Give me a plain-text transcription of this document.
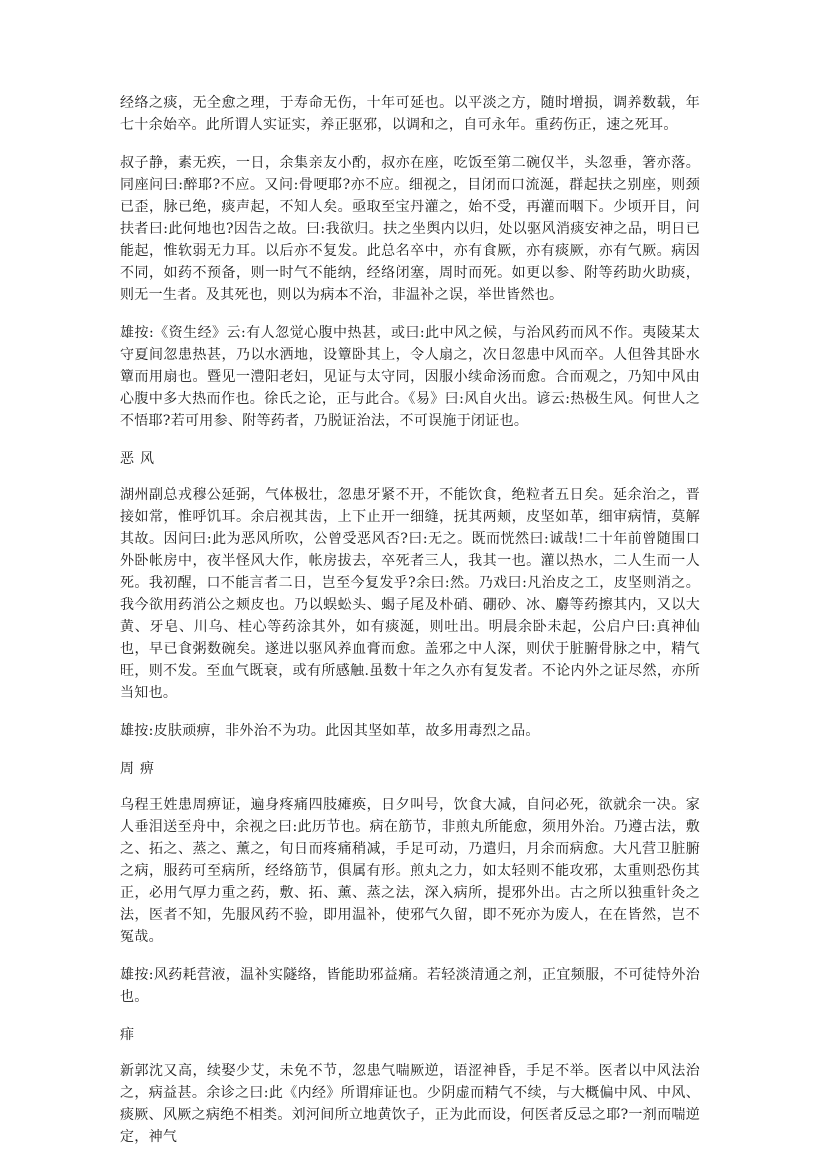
经络之痰，无全愈之理，于寿命无伤，十年可延也。以平淡之方，随时增损，调养数载，年七十余始卒。此所谓人实证实，养正驱邪，以调和之，自可永年。重药伤正，速之死耳。

叔子静，素无疾，一日，余集亲友小酌，叔亦在座，吃饭至第二碗仅半，头忽垂，箸亦落。同座问曰:醉耶?不应。又问:骨哽耶?亦不应。细视之，目闭而口流涎，群起扶之别座，则颈已歪，脉已绝，痰声起，不知人矣。亟取至宝丹灌之，始不受，再灌而咽下。少顷开目，问扶者曰:此何地也?因告之故。曰:我欲归。扶之坐舆内以归，处以驱风消痰安神之品，明日已能起，惟软弱无力耳。以后亦不复发。此总名卒中，亦有食厥，亦有痰厥，亦有气厥。病因不同，如药不预备，则一时气不能纳，经络闭塞，周时而死。如更以参、附等药助火助痰，则无一生者。及其死也，则以为病本不治，非温补之误，举世皆然也。

雄按:《资生经》云:有人忽觉心腹中热甚，或曰:此中风之候，与治风药而风不作。夷陵某太守夏间忽患热甚，乃以水洒地，设簟卧其上，令人扇之，次日忽患中风而卒。人但咎其卧水簟而用扇也。暨见一澧阳老妇，见证与太守同，因服小续命汤而愈。合而观之，乃知中风由心腹中多大热而作也。徐氏之论，正与此合。《易》曰:风自火出。谚云:热极生风。何世人之不悟耶?若可用参、附等药者，乃脱证治法，不可误施于闭证也。

恶风

湖州副总戎穆公延弼，气体极壮，忽患牙紧不开，不能饮食，绝粒者五日矣。延余治之，晋接如常，惟呼饥耳。余启视其齿，上下止开一细缝，抚其两颊，皮坚如革，细审病情，莫解其故。因问曰:此为恶风所吹，公曾受恶风否?曰:无之。既而恍然曰:诚哉!二十年前曾随围口外卧帐房中，夜半怪风大作，帐房拔去，卒死者三人，我其一也。灌以热水，二人生而一人死。我初醒，口不能言者二日，岂至今复发乎?余曰:然。乃戏曰:凡治皮之工，皮坚则消之。我今欲用药消公之颊皮也。乃以蜈蚣头、蝎子尾及朴硝、硼砂、冰、麝等药擦其内，又以大黄、牙皂、川乌、桂心等药涂其外，如有痰涎，则吐出。明晨余卧未起，公启户曰:真神仙也，早已食粥数碗矣。遂进以驱风养血膏而愈。盖邪之中人深，则伏于脏腑骨脉之中，精气旺，则不发。至血气既衰，或有所感触.虽数十年之久亦有复发者。不论内外之证尽然，亦所当知也。

雄按:皮肤顽痹，非外治不为功。此因其坚如革，故多用毒烈之品。

周痹

乌程王姓患周痹证，遍身疼痛四肢瘫痪，日夕叫号，饮食大减，自问必死，欲就余一决。家人垂泪送至舟中，余视之曰:此历节也。病在筋节，非煎丸所能愈，须用外治。乃遵古法，敷之、拓之、蒸之、薰之，旬日而疼痛稍减，手足可动，乃遣归，月余而病愈。大凡营卫脏腑之病，服药可至病所，经络筋节，俱属有形。煎丸之力，如太轻则不能攻邪，太重则恐伤其正，必用气厚力重之药，敷、拓、薰、蒸之法，深入病所，提邪外出。古之所以独重针灸之法，医者不知，先服风药不验，即用温补，使邪气久留，即不死亦为废人，在在皆然，岂不冤哉。

雄按:风药耗营液，温补实隧络，皆能助邪益痛。若轻淡清通之剂，正宜频服，不可徒恃外治也。

痱

新郭沈又高，续娶少艾，未免不节，忽患气喘厥逆，语涩神昏，手足不举。医者以中风法治之，病益甚。余诊之曰:此《内经》所谓痱证也。少阴虚而精气不续，与大概偏中风、中风、痰厥、风厥之病绝不相类。刘河间所立地黄饮子，正为此而设，何医者反忌之耶?一剂而喘逆定，神气
